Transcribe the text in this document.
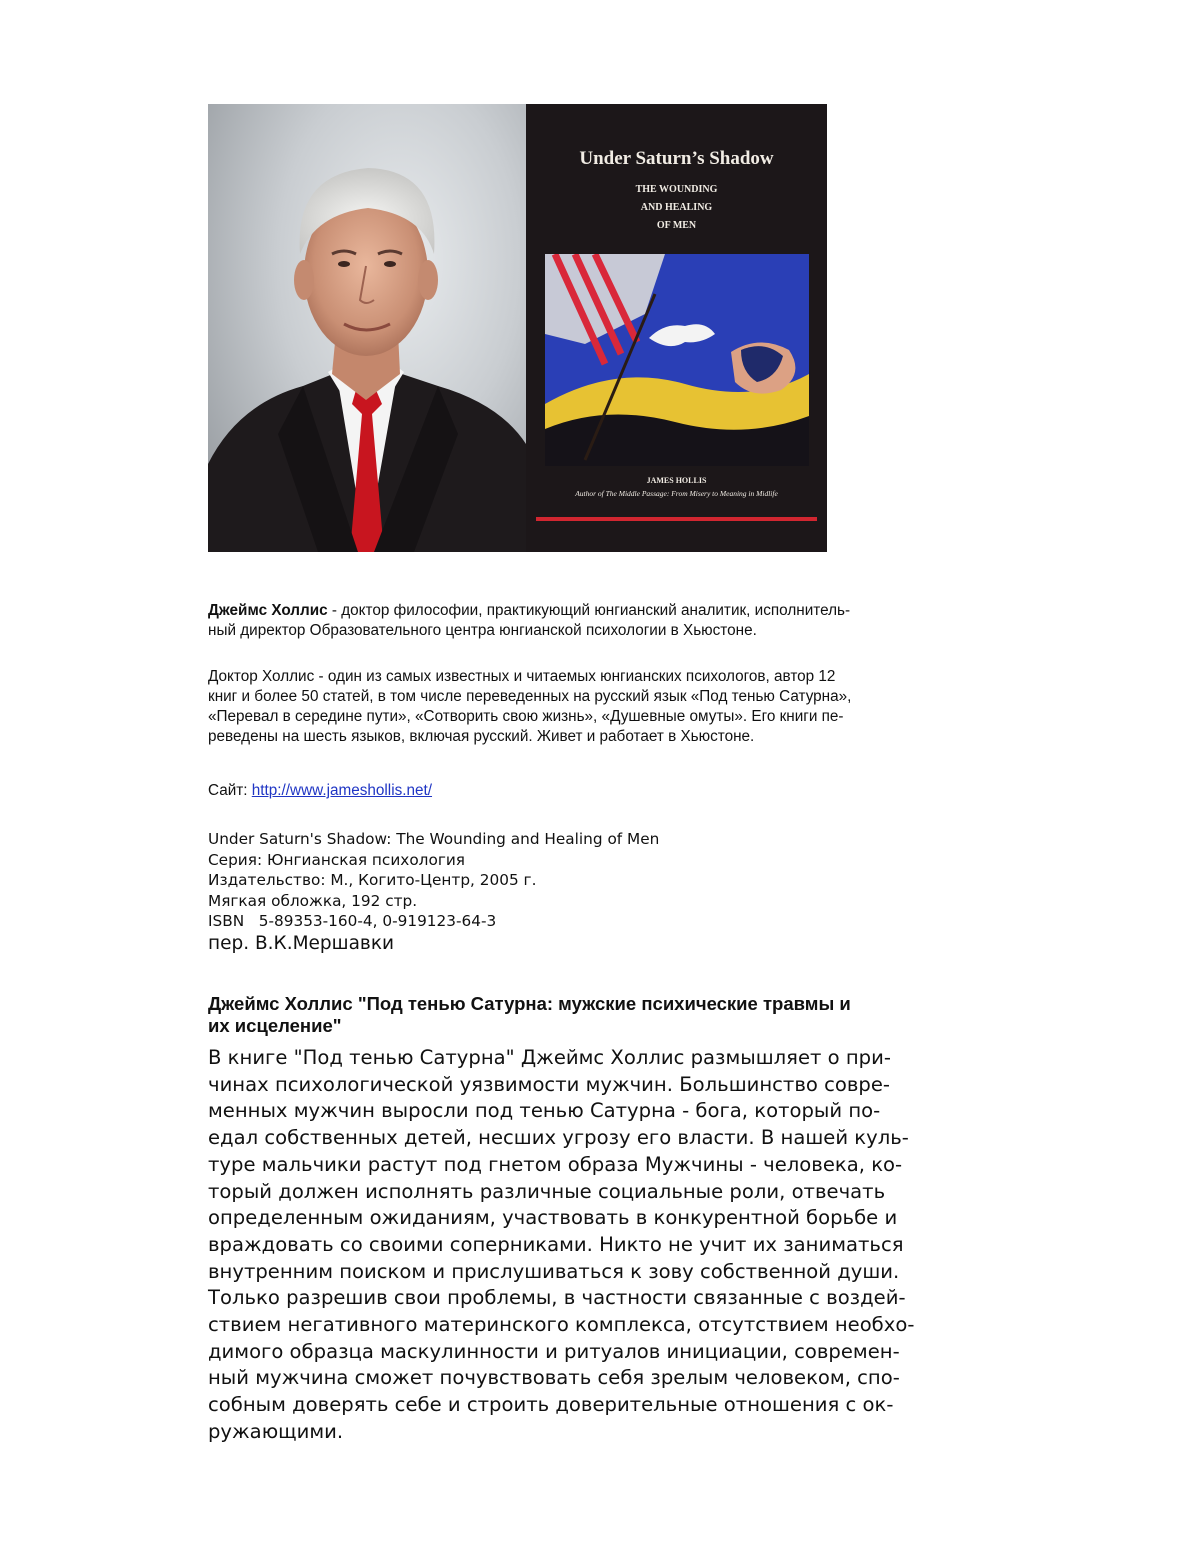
Under Saturn’s Shadow
THE WOUNDING
AND HEALING
OF MEN
JAMES HOLLIS
Author of The Middle Passage: From Misery to Meaning in Midlife
Джеймс Холлис - доктор филосoфии, практикующий юнгианский аналитик, исполнитель-
ный директор Образовательного центра юнгианской психологии в Хьюстоне.
Доктор Холлис - один из самых известных и читаемых юнгианских психологов, автор 12
книг и более 50 статей, в том числе переведенных на русский язык «Под тенью Сатурна»,
«Перевал в середине пути», «Сотворить свою жизнь», «Душевные омуты». Его книги пе-
реведены на шесть языков, включая русский. Живет и работает в Хьюстоне.
Сайт: http://www.jameshollis.net/
Under Saturn's Shadow: The Wounding and Healing of Men
Серия: Юнгианская психология
Издательство: М., Когито-Центр, 2005 г.
Мягкая обложка, 192 стр.
ISBN   5-89353-160-4, 0-919123-64-3
пер. В.К.Мершавки
Джеймс Холлис "Под тенью Сатурна: мужские психические травмы и
их исцеление"
В книге "Под тенью Сатурна" Джеймс Холлис размышляет о при-
чинах психологической уязвимости мужчин. Большинство совре-
менных мужчин выросли под тенью Сатурна - бога, который по-
едал собственных детей, несших угрозу его власти. В нашей куль-
туре мальчики растут под гнетом образа Мужчины - человека, ко-
торый должен исполнять различные социальные роли, отвечать
определенным ожиданиям, участвовать в конкурентной борьбе и
враждовать со своими соперниками. Никто не учит их заниматься
внутренним поиском и прислушиваться к зову собственной души.
Только разрешив свои проблемы, в частности связанные с воздей-
ствием негативного материнского комплекса, отсутствием необхо-
димого образца маскулинности и ритуалов инициации, современ-
ный мужчина сможет почувствовать себя зрелым человеком, спо-
собным доверять себе и строить доверительные отношения с ок-
ружающими.
